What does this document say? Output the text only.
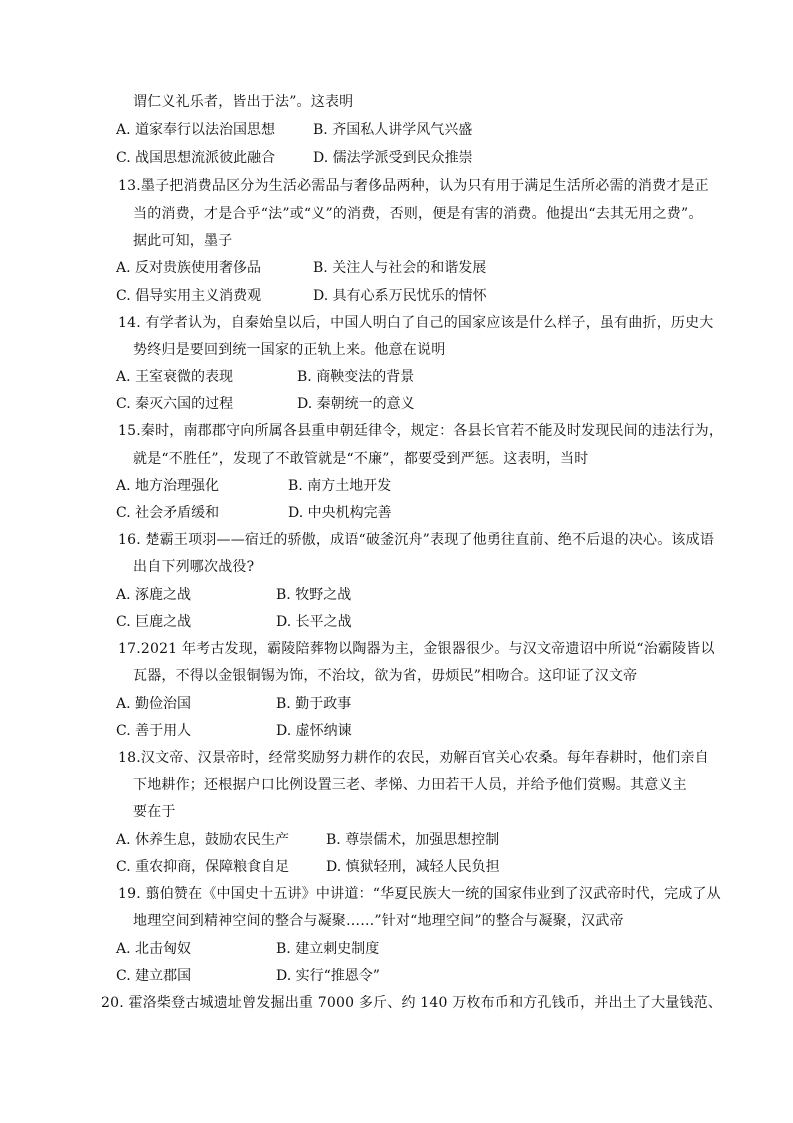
谓仁义礼乐者，皆出于法”。这表明
A. 道家奉行以法治国思想	B. 齐国私人讲学风气兴盛
C. 战国思想流派彼此融合	D. 儒法学派受到民众推崇
13.墨子把消费品区分为生活必需品与奢侈品两种，认为只有用于满足生活所必需的消费才是正
当的消费，才是合乎“法”或“义”的消费，否则，便是有害的消费。他提出“去其无用之费”。
据此可知，墨子
A. 反对贵族使用奢侈品	B. 关注人与社会的和谐发展
C. 倡导实用主义消费观	D. 具有心系万民忧乐的情怀
14. 有学者认为，自秦始皇以后，中国人明白了自己的国家应该是什么样子，虽有曲折，历史大
势终归是要回到统一国家的正轨上来。他意在说明
A. 王室衰微的表现	B. 商鞅变法的背景
C. 秦灭六国的过程	D. 秦朝统一的意义
15.秦时，南郡郡守向所属各县重申朝廷律令，规定：各县长官若不能及时发现民间的违法行为，
就是“不胜任”，发现了不敢管就是“不廉”，都要受到严惩。这表明，当时
A. 地方治理强化	B. 南方土地开发
C. 社会矛盾缓和	D. 中央机构完善
16. 楚霸王项羽——宿迁的骄傲，成语“破釜沉舟”表现了他勇往直前、绝不后退的决心。该成语
出自下列哪次战役?
A. 涿鹿之战	B. 牧野之战
C. 巨鹿之战	D. 长平之战
17.2021 年考古发现，霸陵陪葬物以陶器为主，金银器很少。与汉文帝遗诏中所说“治霸陵皆以
瓦器，不得以金银铜锡为饰，不治坟，欲为省，毋烦民”相吻合。这印证了汉文帝
A. 勤俭治国	B. 勤于政事
C. 善于用人	D. 虚怀纳谏
18.汉文帝、汉景帝时，经常奖励努力耕作的农民，劝解百官关心农桑。每年春耕时，他们亲自
下地耕作；还根据户口比例设置三老、孝悌、力田若干人员，并给予他们赏赐。其意义主
要在于
A. 休养生息，鼓励农民生产	B. 尊崇儒术，加强思想控制
C. 重农抑商，保障粮食自足	D. 慎狱轻刑，减轻人民负担
19. 翦伯赞在《中国史十五讲》中讲道：“华夏民族大一统的国家伟业到了汉武帝时代，完成了从
地理空间到精神空间的整合与凝聚……”针对“地理空间”的整合与凝聚，汉武帝
A. 北击匈奴	B. 建立刺史制度
C. 建立郡国	D. 实行“推恩令”
20. 霍洛柴登古城遗址曾发掘出重 7000 多斤、约 140 万枚布币和方孔钱币，并出土了大量钱范、
